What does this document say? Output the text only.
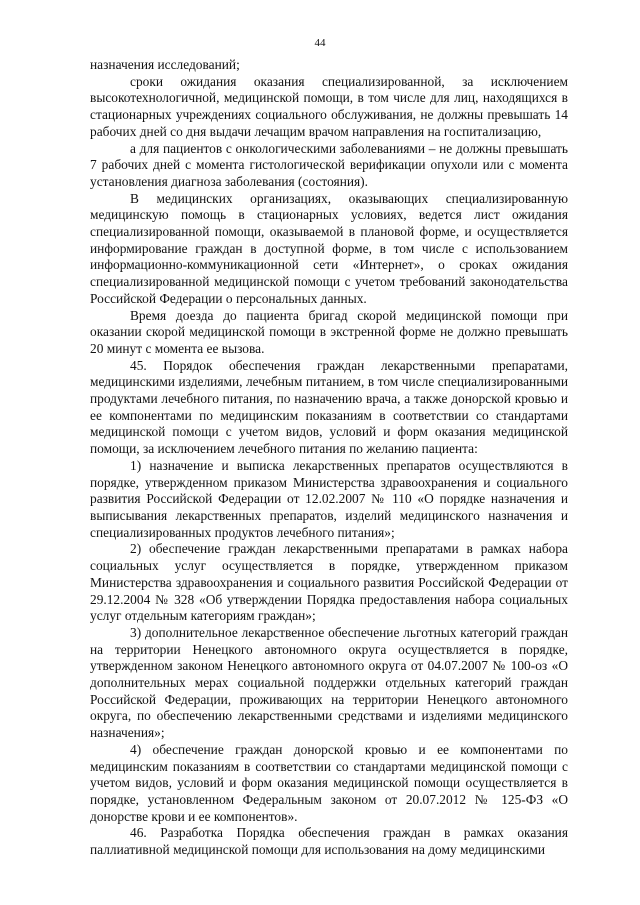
44

назначения исследований;

сроки ожидания оказания специализированной, за исключением высокотехнологичной, медицинской помощи, в том числе для лиц, находящихся в стационарных учреждениях социального обслуживания, не должны превышать 14 рабочих дней со дня выдачи лечащим врачом направления на госпитализацию,

а для пациентов с онкологическими заболеваниями – не должны превышать 7 рабочих дней с момента гистологической верификации опухоли или с момента установления диагноза заболевания (состояния).

В медицинских организациях, оказывающих специализированную медицинскую помощь в стационарных условиях, ведется лист ожидания специализированной помощи, оказываемой в плановой форме, и осуществляется информирование граждан в доступной форме, в том числе с использованием информационно-коммуникационной сети «Интернет», о сроках ожидания специализированной медицинской помощи с учетом требований законодательства Российской Федерации о персональных данных.

Время доезда до пациента бригад скорой медицинской помощи при оказании скорой медицинской помощи в экстренной форме не должно превышать 20 минут с момента ее вызова.

45. Порядок обеспечения граждан лекарственными препаратами, медицинскими изделиями, лечебным питанием, в том числе специализированными продуктами лечебного питания, по назначению врача, а также донорской кровью и ее компонентами по медицинским показаниям в соответствии со стандартами медицинской помощи с учетом видов, условий и форм оказания медицинской помощи, за исключением лечебного питания по желанию пациента:

1) назначение и выписка лекарственных препаратов осуществляются в порядке, утвержденном приказом Министерства здравоохранения и социального развития Российской Федерации от 12.02.2007 № 110 «О порядке назначения и выписывания лекарственных препаратов, изделий медицинского назначения и специализированных продуктов лечебного питания»;

2) обеспечение граждан лекарственными препаратами в рамках набора социальных услуг осуществляется в порядке, утвержденном приказом Министерства здравоохранения и социального развития Российской Федерации от 29.12.2004 № 328 «Об утверждении Порядка предоставления набора социальных услуг отдельным категориям граждан»;

3) дополнительное лекарственное обеспечение льготных категорий граждан на территории Ненецкого автономного округа осуществляется в порядке, утвержденном законом Ненецкого автономного округа от 04.07.2007 № 100-оз «О дополнительных мерах социальной поддержки отдельных категорий граждан Российской Федерации, проживающих на территории Ненецкого автономного округа, по обеспечению лекарственными средствами и изделиями медицинского назначения»;

4) обеспечение граждан донорской кровью и ее компонентами по медицинским показаниям в соответствии со стандартами медицинской помощи с учетом видов, условий и форм оказания медицинской помощи осуществляется в порядке, установленном Федеральным законом от 20.07.2012 № 125-ФЗ «О донорстве крови и ее компонентов».

46. Разработка Порядка обеспечения граждан в рамках оказания паллиативной медицинской помощи для использования на дому медицинскими
